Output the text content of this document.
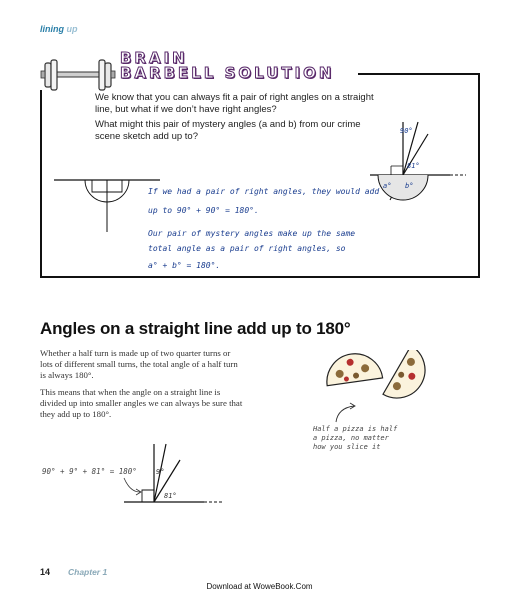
lining up
BRAIN
BARBELL SOLUTION
We know that you can always fit a pair of right angles on a straight line, but what if we don’t have right angles?
What might this pair of mystery angles (a and b) from our crime scene sketch add up to?	90°
81°
a° b°
If we had a pair of right angles, they would add
up to 90° + 90° = 180°.
Our pair of mystery angles make up the same
total angle as a pair of right angles, so
a° + b° = 180°.
Angles on a straight line add up to 180°
Whether a half turn is made up of two quarter turns or
lots of different small turns, the total angle of a half turn
is always 180°.
This means that when the angle on a straight line is
divided up into smaller angles we can always be sure that
they add up to 180°.
Half a pizza is half
a pizza, no matter
how you slice it
90° + 9° + 81° = 180°	9°
81°
14 Chapter 1
Download at WoweBook.Com
